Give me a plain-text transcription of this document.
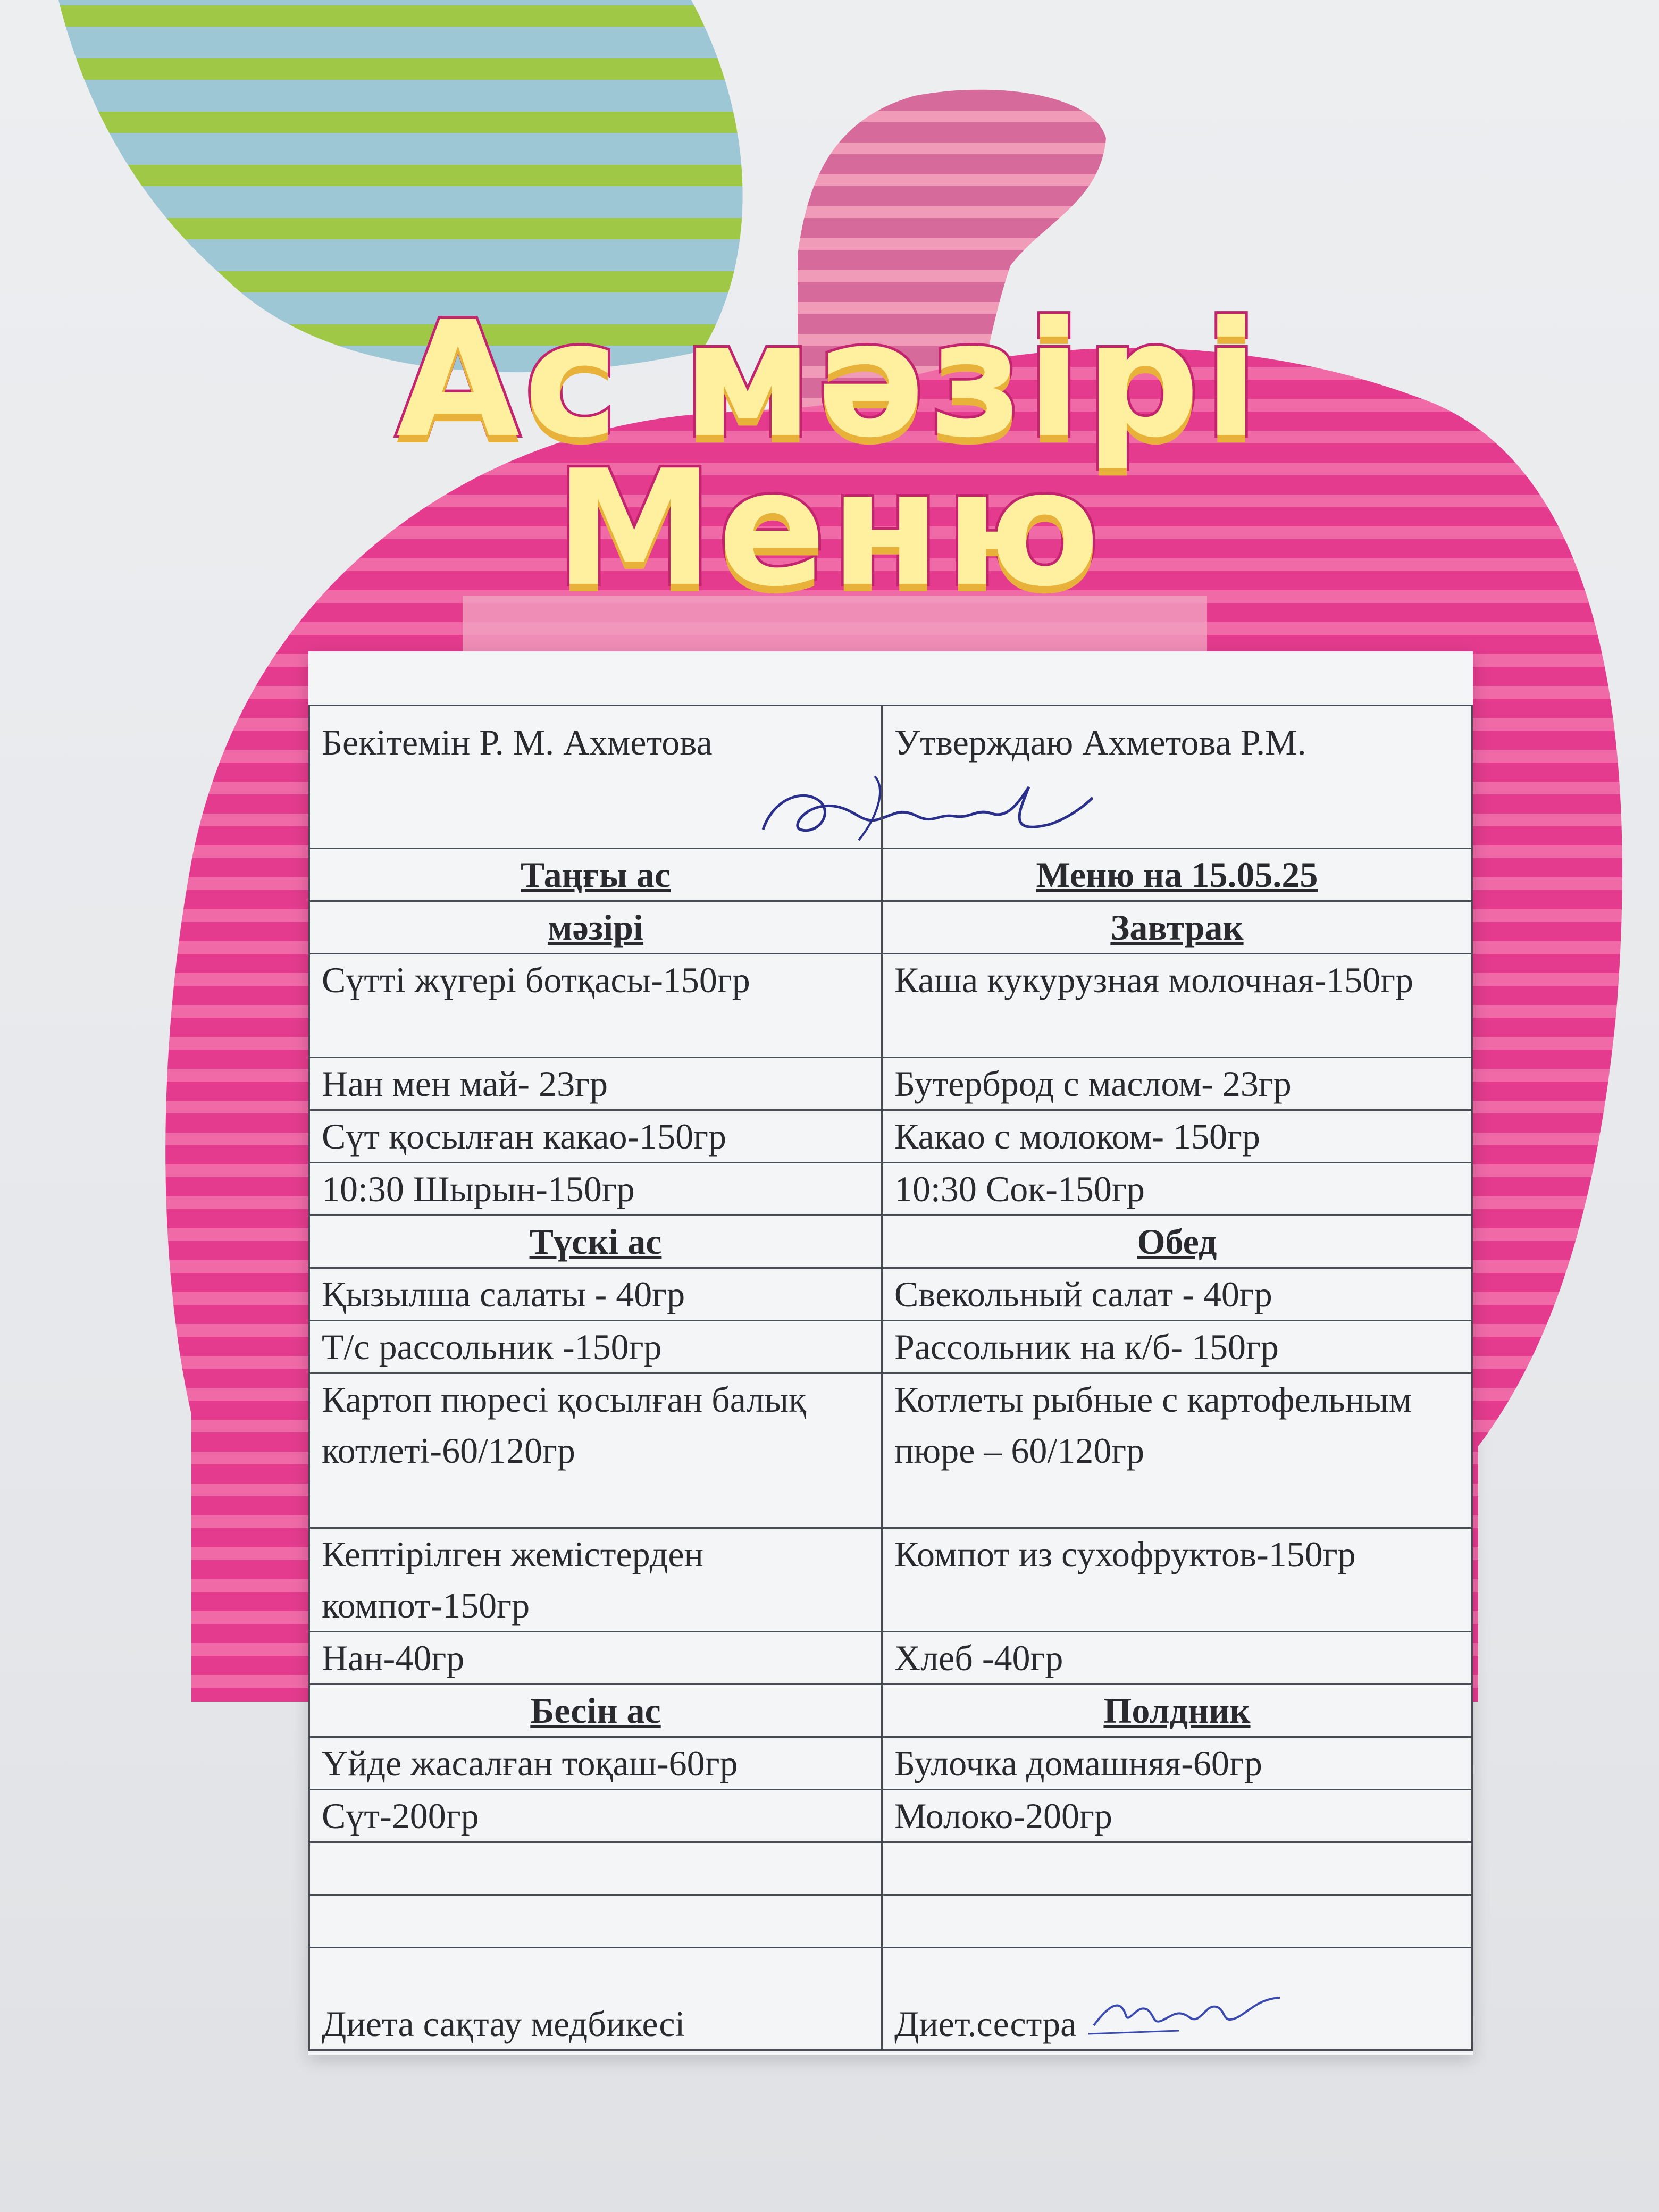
Ас мәзірі
Меню
Бекітемін Р. М. Ахметова	Утверждаю Ахметова Р.М.
Таңғы ас	Меню на 15.05.25
мәзірі	Завтрак
Сүтті жүгері ботқасы-150гр	Каша кукурузная молочная-150гр
Нан мен май- 23гр	Бутерброд с маслом- 23гр
Сүт қосылған какао-150гр	Какао с молоком- 150гр
10:30 Шырын-150гр	10:30 Сок-150гр
Түскі ас	Обед
Қызылша салаты - 40гр	Свекольный салат - 40гр
Т/с рассольник -150гр	Рассольник на к/б- 150гр
Картоп пюресі қосылған балық котлеті-60/120гр	Котлеты рыбные с картофельным пюре – 60/120гр
Кептірілген жемістерден компот-150гр	Компот из сухофруктов-150гр
Нан-40гр	Хлеб -40гр
Бесін ас	Полдник
Үйде жасалған тоқаш-60гр	Булочка домашняя-60гр
Сүт-200гр	Молоко-200гр

Диета сақтау медбикесі	Диет.сестра
